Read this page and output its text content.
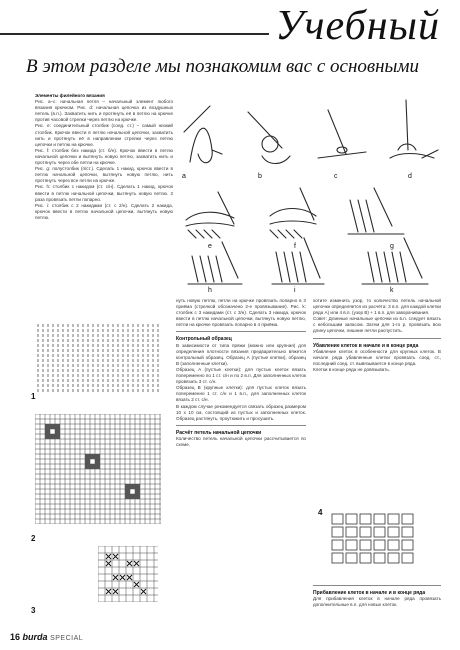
Учебный
В этом разделе мы познакомим вас с основными

Элементы филейного вязания

Рис. a–c: начальная петля – начальный элемент любого вязания крючком. Рис. d: начальная цепочка из воздушных петель (в.п.). Захватить нить и протянуть её в петлю на крючке против часовой стрелки через петлю на крючке.

Рис. e: соединительный столбик (соед. ст.) – самый низкий столбик. Крючок ввести в петлю начальной цепочки, захватить нить и протянуть её в направлении стрелки через петлю цепочки и петлю на крючке.

Рис. f: столбик без накида (ст. б/н). Крючок ввести в петлю начальной цепочки и вытянуть новую петлю, захватить нить и протянуть через обе петли на крючке.

Рис. g: полустолбик (п/ст.). Сделать 1 накид, крючок ввести в петлю начальной цепочки, вытянуть новую петлю, нить протянуть через все петли на крючке.

Рис. h: столбик с накидом (ст. с/н). Сделать 1 накид, крючок ввести в петлю начальной цепочки, вытянуть новую петлю. 2 раза провязать петли попарно.

Рис. i: столбик с 2 накидами (ст. с 2/н). Сделать 2 накида, крючок ввести в петлю начальной цепочки, вытянуть новую петлю.

a	b	c	d
e	f	g
h	i	k
1
2
3

нуть новую петлю, петли на крючке провязать попарно в 3 приёма (стрелкой обозначено 2-е провязывание). Рис. k: столбик с 3 накидами (ст. с 3/н). Сделать 3 накида, крючок ввести в петлю начальной цепочки, вытянуть новую петлю, петли на крючке провязать попарно в 4 приёма.

Контрольный образец

В зависимости от типа пряжи (можно или крупная) для определения плотности вязания предварительно вяжется контрольный образец. Образец А (пустые клетки), образец В (заполненные клетки).

Образец A (пустые клетки): для пустых клеток вязать попеременно по 1 ст. с/н и по 2 в.п. Для заполненных клеток провязать 3 ст. с/н.

Образец B (крупные клетки): для пустых клеток вязать попеременно 1 ст. с/н и 1 в.п., для заполненных клеток вязать 2 ст. с/н.

В каждом случае рекомендуется связать образец размером 10 x 10 см, состоящий из пустых и заполненных клеток. Образец растянуть, проутюжить и просушить.

Расчёт петель начальной цепочки

Количество петель начальной цепочки рассчитывается по схеме.

хотите изменить узор, то количество петель начальной цепочки определяется из расчёта: 3 в.п. для каждой клетки ряда А) или 4 в.п. (узор В) + 1 в.п. для заворачивания.

Совет: Длинные начальные цепочки из в.п. следует вязать с небольшим запасом. Затем для 1-го р. провязать всю длину цепочки, лишние петли распустить.

Убавление клеток в начале и в конце ряда

Убавление клеток в особенности для крупных клеток. В начале ряда убавленные клетки провязать соед. ст., последний соед. ст. вывязывается в конце ряда.

Клетки в конце ряда не довязывать.

4

Прибавление клеток в начале и в конце ряда

Для прибавления клеток в начале ряда провязать дополнительные в.п. для новых клеток.

16 burda SPECIAL
